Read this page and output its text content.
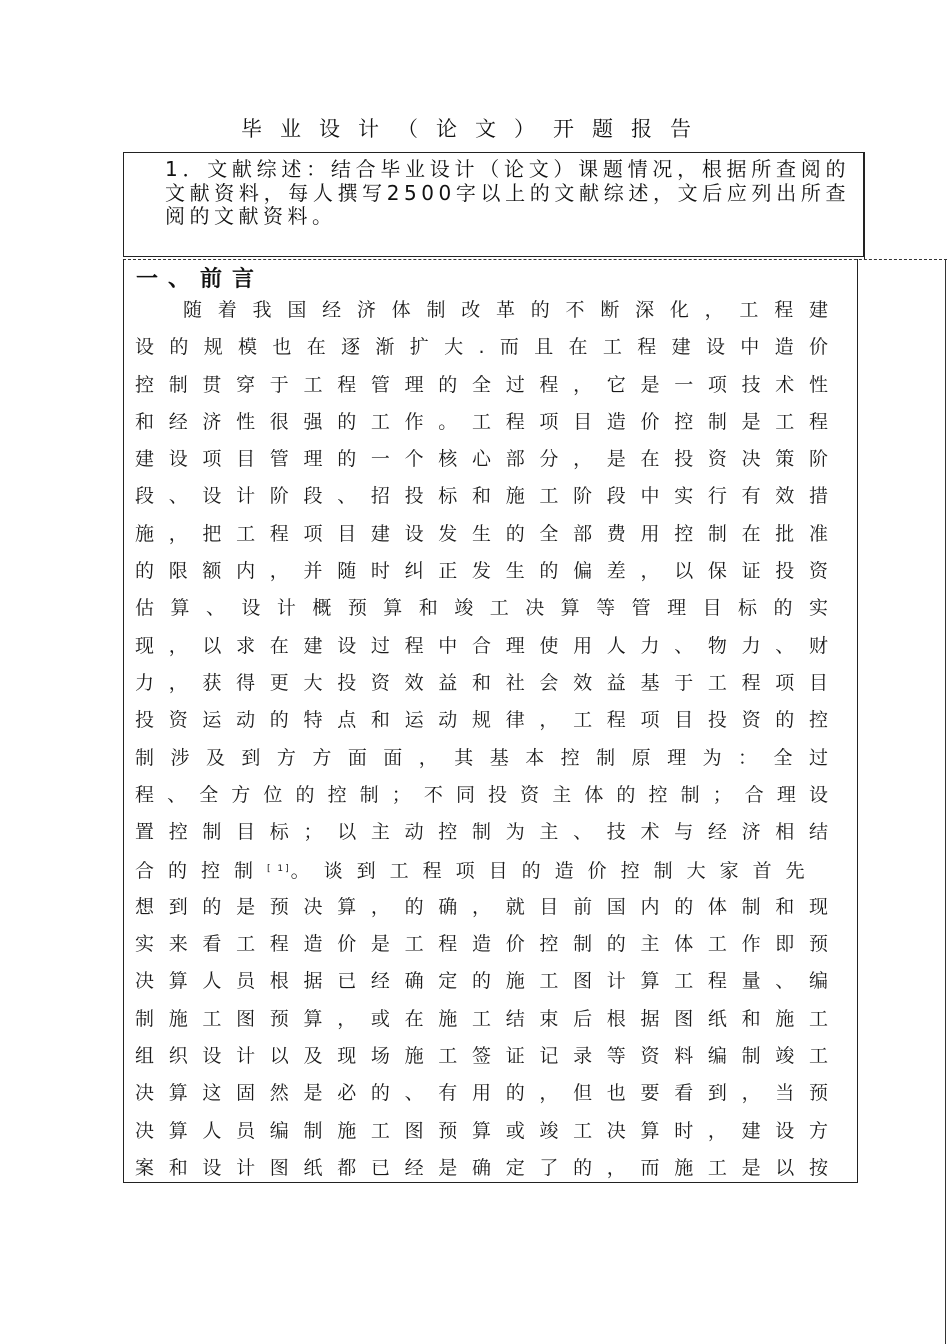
毕业设计（论文）开题报告
1．文献综述：结合毕业设计（论文）课题情况，根据所查阅的文献资料，每人撰写2500字以上的文献综述，文后应列出所查阅的文献资料。
一、前言
随着我国经济体制改革的不断深化，工程建
设的规模也在逐渐扩大.而且在工程建设中造价
控制贯穿于工程管理的全过程，它是一项技术性
和经济性很强的工作。工程项目造价控制是工程
建设项目管理的一个核心部分，是在投资决策阶
段、设计阶段、招投标和施工阶段中实行有效措
施，把工程项目建设发生的全部费用控制在批准
的限额内，并随时纠正发生的偏差，以保证投资
估算、设计概预算和竣工决算等管理目标的实
现，以求在建设过程中合理使用人力、物力、财
力，获得更大投资效益和社会效益基于工程项目
投资运动的特点和运动规律，工程项目投资的控
制涉及到方方面面，其基本控制原理为：全过
程、全方位的控制；不同投资主体的控制；合理设
置控制目标；以主动控制为主、技术与经济相结
合的控制[ 1]。谈到工程项目的造价控制大家首先
想到的是预决算，的确，就目前国内的体制和现
实来看工程造价是工程造价控制的主体工作即预
决算人员根据已经确定的施工图计算工程量、编
制施工图预算，或在施工结束后根据图纸和施工
组织设计以及现场施工签证记录等资料编制竣工
决算这固然是必的、有用的，但也要看到，当预
决算人员编制施工图预算或竣工决算时，建设方
案和设计图纸都已经是确定了的，而施工是以按
